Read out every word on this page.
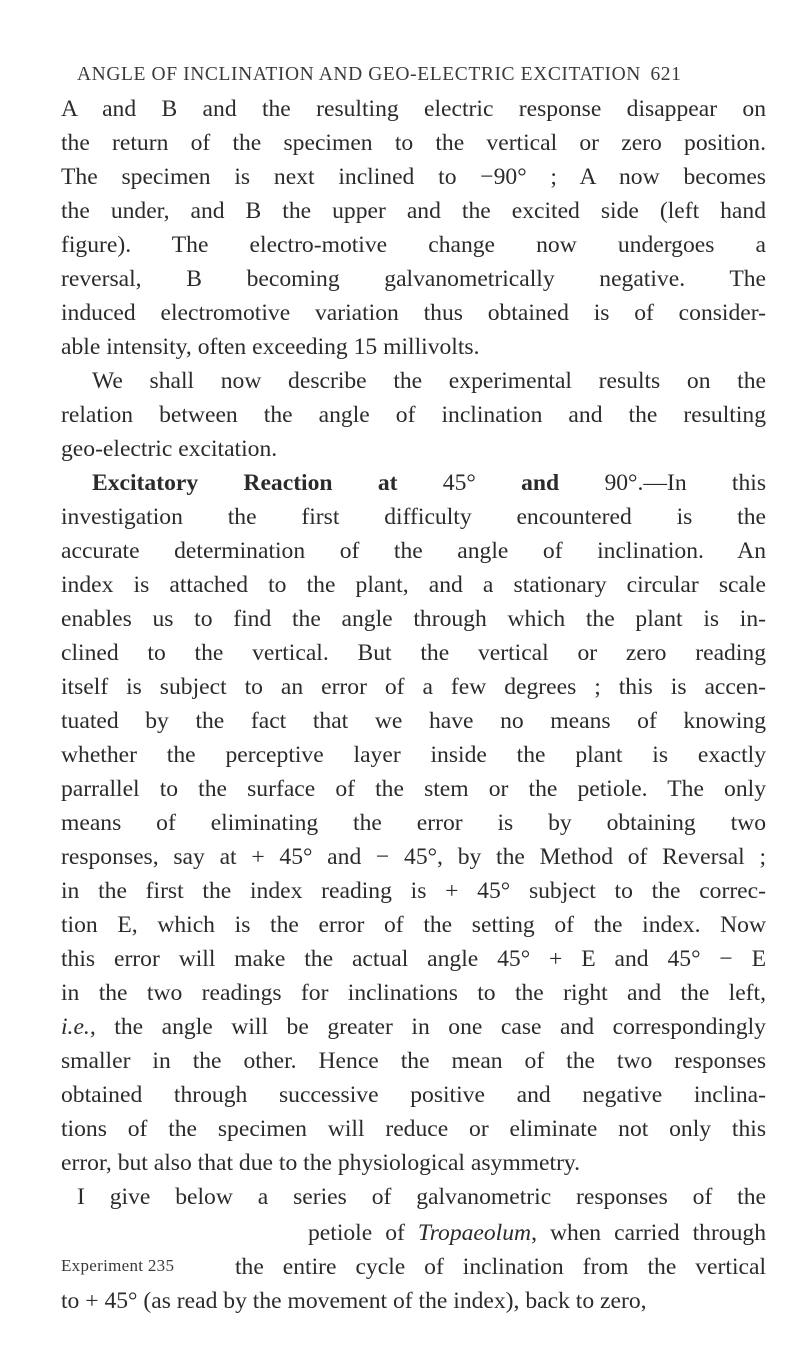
ANGLE OF INCLINATION AND GEO-ELECTRIC EXCITATION 621
A and B and the resulting electric response disappear on
the return of the specimen to the vertical or zero position.
The specimen is next inclined to −90° ; A now becomes
the under, and B the upper and the excited side (left hand
figure). The electro-motive change now undergoes a
reversal, B becoming galvanometrically negative. The
induced electromotive variation thus obtained is of consider-
able intensity, often exceeding 15 millivolts.
We shall now describe the experimental results on the
relation between the angle of inclination and the resulting
geo-electric excitation.
Excitatory Reaction at 45° and 90°.—In this
investigation the first difficulty encountered is the
accurate determination of the angle of inclination. An
index is attached to the plant, and a stationary circular scale
enables us to find the angle through which the plant is in-
clined to the vertical. But the vertical or zero reading
itself is subject to an error of a few degrees ; this is accen-
tuated by the fact that we have no means of knowing
whether the perceptive layer inside the plant is exactly
parrallel to the surface of the stem or the petiole. The only
means of eliminating the error is by obtaining two
responses, say at + 45° and − 45°, by the Method of Reversal ;
in the first the index reading is + 45° subject to the correc-
tion E, which is the error of the setting of the index. Now
this error will make the actual angle 45° + E and 45° − E
in the two readings for inclinations to the right and the left,
i.e., the angle will be greater in one case and correspondingly
smaller in the other. Hence the mean of the two responses
obtained through successive positive and negative inclina-
tions of the specimen will reduce or eliminate not only this
error, but also that due to the physiological asymmetry.
I give below a series of galvanometric responses of the
petiole of Tropaeolum, when carried through
Experiment 235	the entire cycle of inclination from the vertical
to + 45° (as read by the movement of the index), back to zero,
